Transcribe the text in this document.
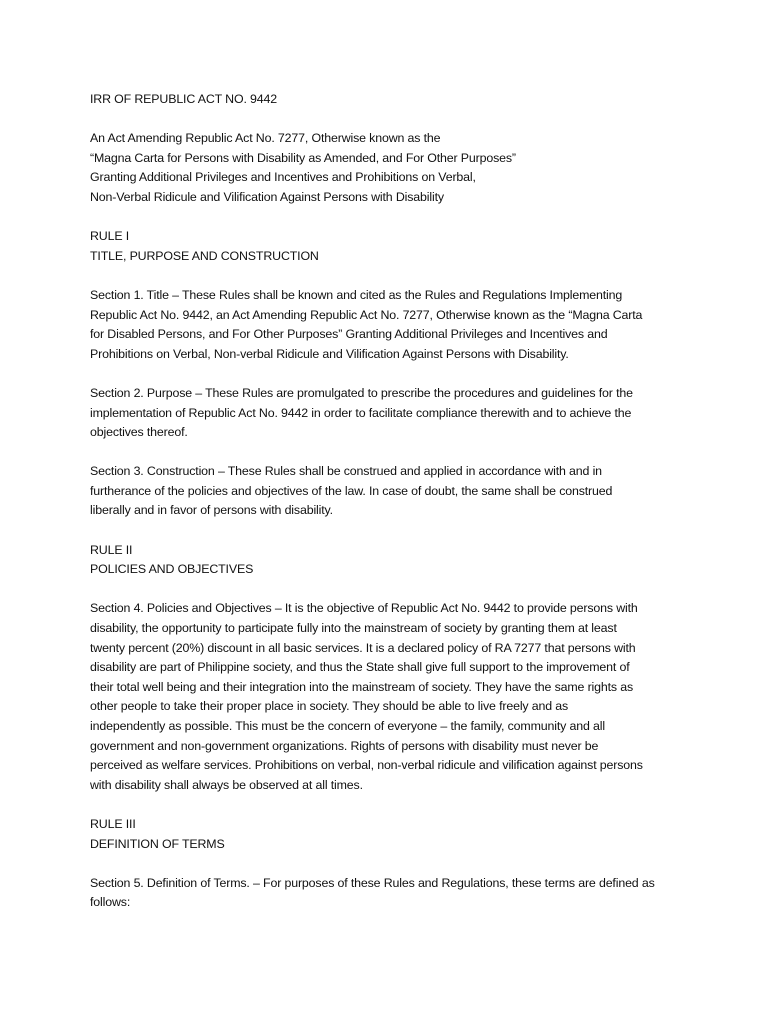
IRR OF REPUBLIC ACT NO. 9442

An Act Amending Republic Act No. 7277, Otherwise known as the

“Magna Carta for Persons with Disability as Amended, and For Other Purposes”

Granting Additional Privileges and Incentives and Prohibitions on Verbal,

Non-Verbal Ridicule and Vilification Against Persons with Disability

RULE I

TITLE, PURPOSE AND CONSTRUCTION

Section 1. Title – These Rules shall be known and cited as the Rules and Regulations Implementing

Republic Act No. 9442, an Act Amending Republic Act No. 7277, Otherwise known as the “Magna Carta

for Disabled Persons, and For Other Purposes” Granting Additional Privileges and Incentives and

Prohibitions on Verbal, Non-verbal Ridicule and Vilification Against Persons with Disability.

Section 2. Purpose – These Rules are promulgated to prescribe the procedures and guidelines for the

implementation of Republic Act No. 9442 in order to facilitate compliance therewith and to achieve the

objectives thereof.

Section 3. Construction – These Rules shall be construed and applied in accordance with and in

furtherance of the policies and objectives of the law. In case of doubt, the same shall be construed

liberally and in favor of persons with disability.

RULE II

POLICIES AND OBJECTIVES

Section 4. Policies and Objectives – It is the objective of Republic Act No. 9442 to provide persons with

disability, the opportunity to participate fully into the mainstream of society by granting them at least

twenty percent (20%) discount in all basic services. It is a declared policy of RA 7277 that persons with

disability are part of Philippine society, and thus the State shall give full support to the improvement of

their total well being and their integration into the mainstream of society. They have the same rights as

other people to take their proper place in society. They should be able to live freely and as

independently as possible. This must be the concern of everyone – the family, community and all

government and non-government organizations. Rights of persons with disability must never be

perceived as welfare services. Prohibitions on verbal, non-verbal ridicule and vilification against persons

with disability shall always be observed at all times.

RULE III

DEFINITION OF TERMS

Section 5. Definition of Terms. – For purposes of these Rules and Regulations, these terms are defined as

follows:
